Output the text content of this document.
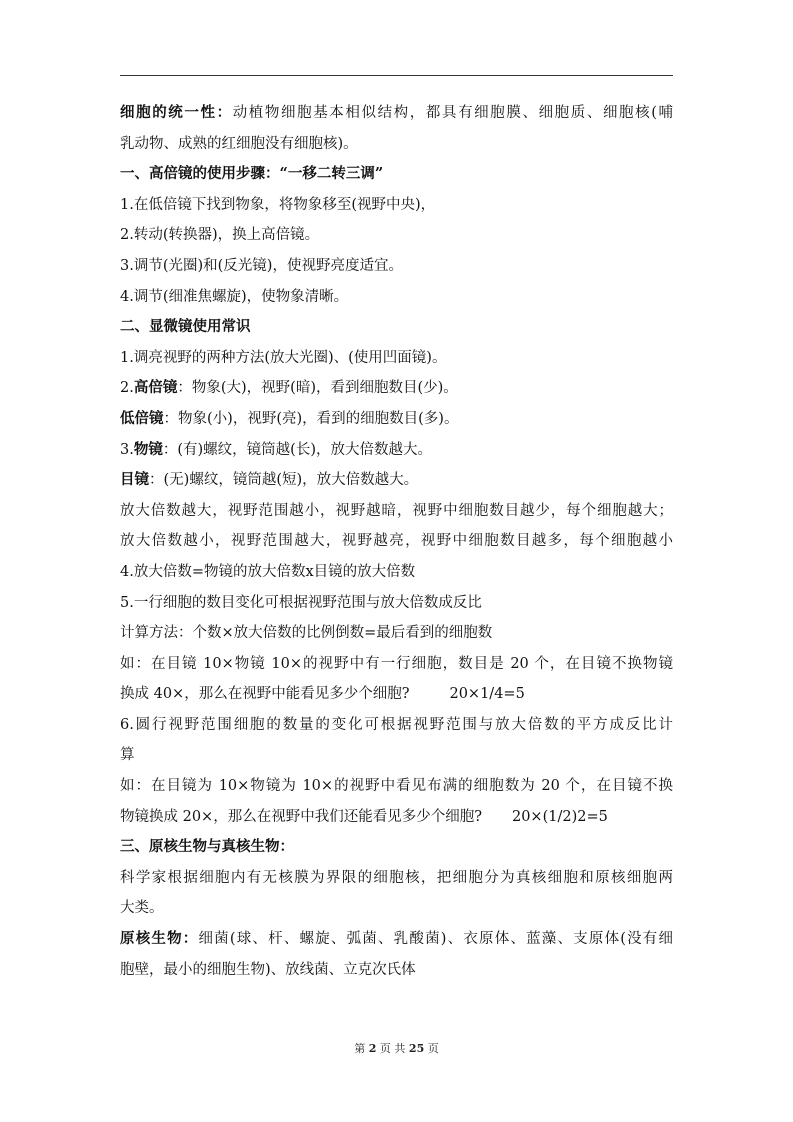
细胞的统一性：动植物细胞基本相似结构，都具有细胞膜、细胞质、细胞核(哺
乳动物、成熟的红细胞没有细胞核)。
一、高倍镜的使用步骤：“一移二转三调”
1.在低倍镜下找到物象，将物象移至(视野中央)，
2.转动(转换器)，换上高倍镜。
3.调节(光圈)和(反光镜)，使视野亮度适宜。
4.调节(细准焦螺旋)，使物象清晰。
二、显微镜使用常识
1.调亮视野的两种方法(放大光圈)、(使用凹面镜)。
2.高倍镜：物象(大)，视野(暗)，看到细胞数目(少)。
低倍镜：物象(小)，视野(亮)，看到的细胞数目(多)。
3.物镜：(有)螺纹，镜筒越(长)，放大倍数越大。
目镜：(无)螺纹，镜筒越(短)，放大倍数越大。
放大倍数越大，视野范围越小，视野越暗，视野中细胞数目越少，每个细胞越大；
放大倍数越小，视野范围越大，视野越亮，视野中细胞数目越多，每个细胞越小
4.放大倍数=物镜的放大倍数x目镜的放大倍数
5.一行细胞的数目变化可根据视野范围与放大倍数成反比
计算方法：个数×放大倍数的比例倒数=最后看到的细胞数
如：在目镜 10×物镜 10×的视野中有一行细胞，数目是 20 个，在目镜不换物镜
换成 40×，那么在视野中能看见多少个细胞?	20×1/4=5
6.圆行视野范围细胞的数量的变化可根据视野范围与放大倍数的平方成反比计
算
如：在目镜为 10×物镜为 10×的视野中看见布满的细胞数为 20 个，在目镜不换
物镜换成 20×，那么在视野中我们还能看见多少个细胞? 20×(1/2)2=5
三、原核生物与真核生物：
科学家根据细胞内有无核膜为界限的细胞核，把细胞分为真核细胞和原核细胞两
大类。
原核生物：细菌(球、杆、螺旋、弧菌、乳酸菌)、衣原体、蓝藻、支原体(没有细
胞壁，最小的细胞生物)、放线菌、立克次氏体
第 2 页 共 25 页
